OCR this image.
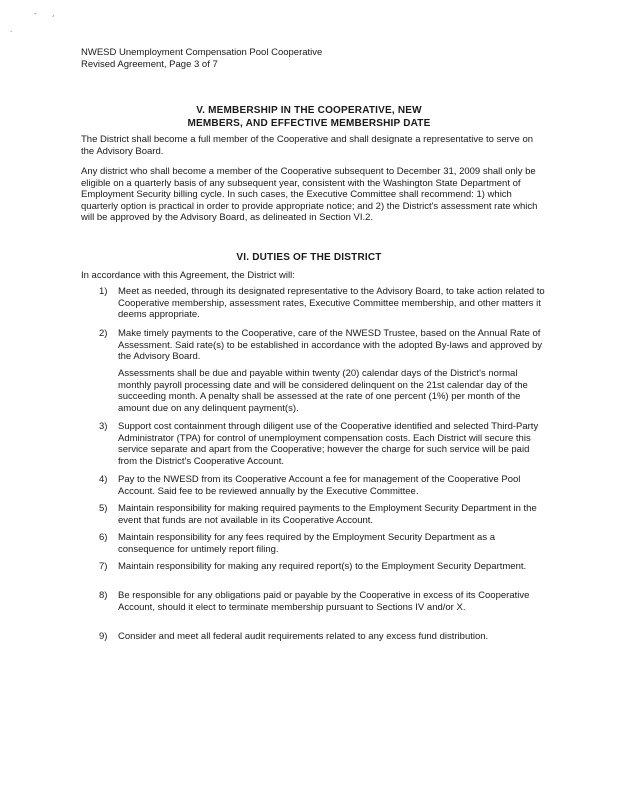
-       ,
.
NWESD Unemployment Compensation Pool Cooperative
Revised Agreement, Page 3 of 7
V. MEMBERSHIP IN THE COOPERATIVE, NEW
MEMBERS, AND EFFECTIVE MEMBERSHIP DATE
The District shall become a full member of the Cooperative and shall designate a representative to serve on the Advisory Board.
Any district who shall become a member of the Cooperative subsequent to December 31, 2009 shall only be eligible on a quarterly basis of any subsequent year, consistent with the Washington State Department of Employment Security billing cycle. In such cases, the Executive Committee shall recommend: 1) which quarterly option is practical in order to provide appropriate notice; and 2) the District's assessment rate which will be approved by the Advisory Board, as delineated in Section VI.2.
VI. DUTIES OF THE DISTRICT
In accordance with this Agreement, the District will:
1)	Meet as needed, through its designated representative to the Advisory Board, to take action related to Cooperative membership, assessment rates, Executive Committee membership, and other matters it deems appropriate.
2)	Make timely payments to the Cooperative, care of the NWESD Trustee, based on the Annual Rate of Assessment. Said rate(s) to be established in accordance with the adopted By-laws and approved by the Advisory Board.
Assessments shall be due and payable within twenty (20) calendar days of the District's normal monthly payroll processing date and will be considered delinquent on the 21st calendar day of the succeeding month. A penalty shall be assessed at the rate of one percent (1%) per month of the amount due on any delinquent payment(s).
3)	Support cost containment through diligent use of the Cooperative identified and selected Third-Party Administrator (TPA) for control of unemployment compensation costs. Each District will secure this service separate and apart from the Cooperative; however the charge for such service will be paid from the District's Cooperative Account.
4)	Pay to the NWESD from its Cooperative Account a fee for management of the Cooperative Pool Account. Said fee to be reviewed annually by the Executive Committee.
5)	Maintain responsibility for making required payments to the Employment Security Department in the event that funds are not available in its Cooperative Account.
6)	Maintain responsibility for any fees required by the Employment Security Department as a consequence for untimely report filing.
7)	Maintain responsibility for making any required report(s) to the Employment Security Department.
8)	Be responsible for any obligations paid or payable by the Cooperative in excess of its Cooperative Account, should it elect to terminate membership pursuant to Sections IV and/or X.
9)	Consider and meet all federal audit requirements related to any excess fund distribution.
